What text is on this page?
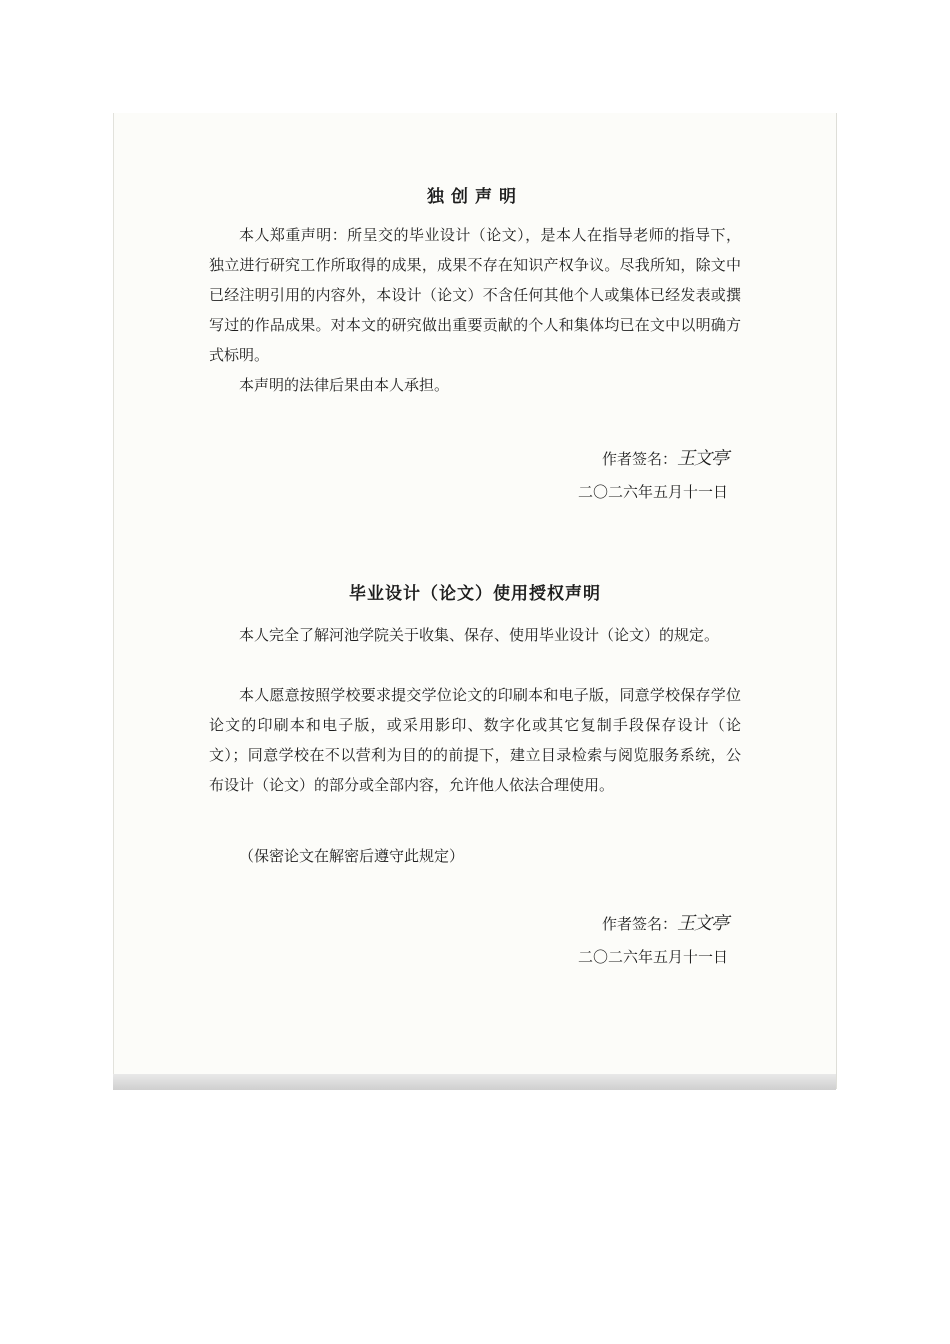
独创声明

本人郑重声明：所呈交的毕业设计（论文），是本人在指导老师的指导下，独立进行研究工作所取得的成果，成果不存在知识产权争议。尽我所知，除文中已经注明引用的内容外，本设计（论文）不含任何其他个人或集体已经发表或撰写过的作品成果。对本文的研究做出重要贡献的个人和集体均已在文中以明确方式标明。

本声明的法律后果由本人承担。

作者签名：王文亭
二〇二六年五月十一日
毕业设计（论文）使用授权声明

本人完全了解河池学院关于收集、保存、使用毕业设计（论文）的规定。

本人愿意按照学校要求提交学位论文的印刷本和电子版，同意学校保存学位论文的印刷本和电子版，或采用影印、数字化或其它复制手段保存设计（论文）；同意学校在不以营利为目的的前提下，建立目录检索与阅览服务系统，公布设计（论文）的部分或全部内容，允许他人依法合理使用。

（保密论文在解密后遵守此规定）

作者签名：王文亭
二〇二六年五月十一日
